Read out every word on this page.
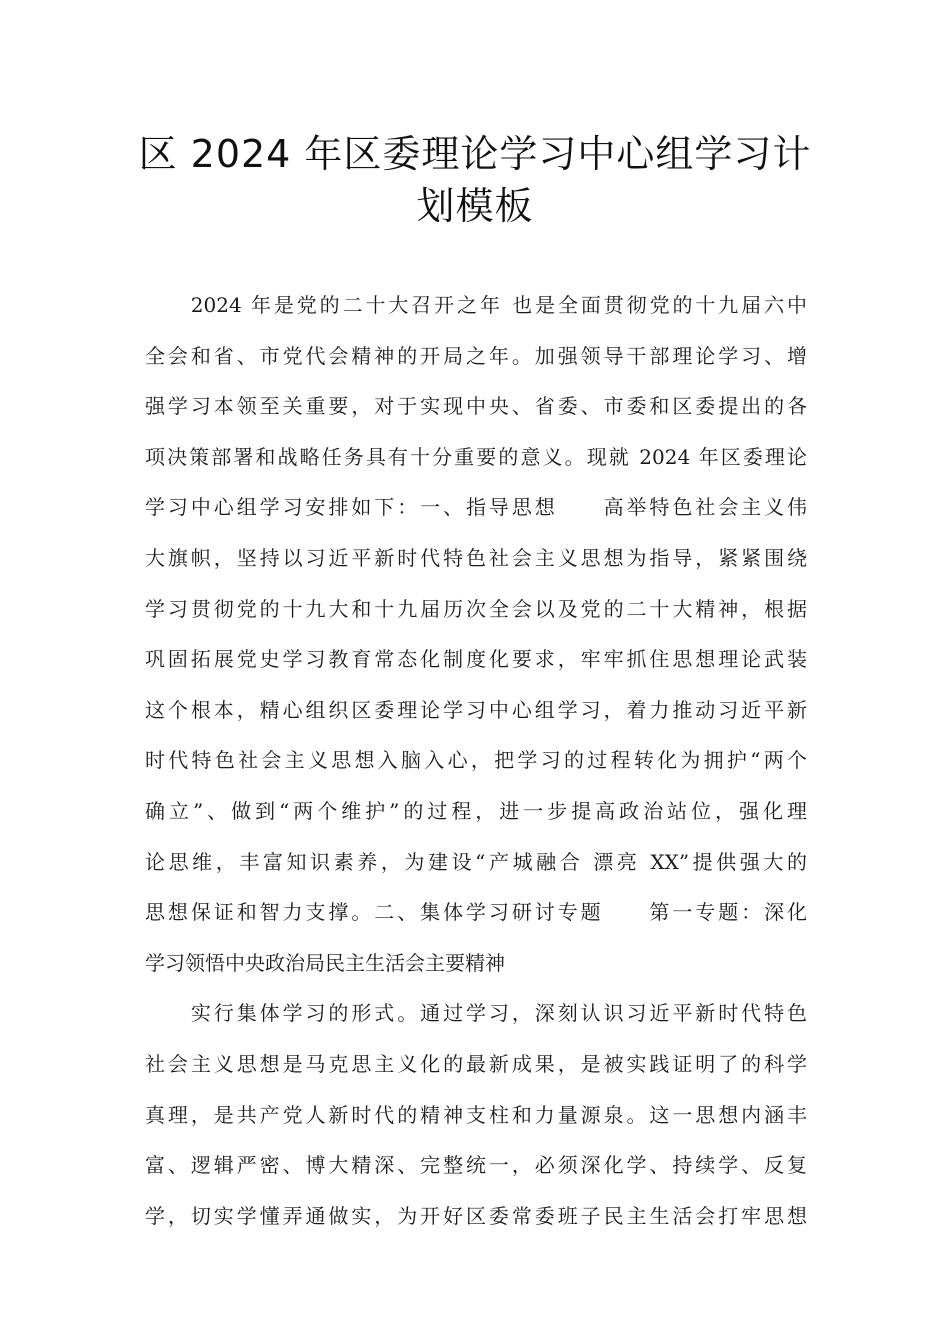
区 2024 年区委理论学习中心组学习计
划模板
　　2024 年是党的二十大召开之年 也是全面贯彻党的十九届六中
全会和省、市党代会精神的开局之年。加强领导干部理论学习、增
强学习本领至关重要，对于实现中央、省委、市委和区委提出的各
项决策部署和战略任务具有十分重要的意义。现就 2024 年区委理论
学习中心组学习安排如下：一、指导思想　　高举特色社会主义伟
大旗帜，坚持以习近平新时代特色社会主义思想为指导，紧紧围绕
学习贯彻党的十九大和十九届历次全会以及党的二十大精神，根据
巩固拓展党史学习教育常态化制度化要求，牢牢抓住思想理论武装
这个根本，精心组织区委理论学习中心组学习，着力推动习近平新
时代特色社会主义思想入脑入心，把学习的过程转化为拥护“两个
确立”、做到“两个维护”的过程，进一步提高政治站位，强化理
论思维，丰富知识素养，为建设“产城融合 漂亮 XX”提供强大的
思想保证和智力支撑。二、集体学习研讨专题　　第一专题：深化
学习领悟中央政治局民主生活会主要精神
　　实行集体学习的形式。通过学习，深刻认识习近平新时代特色
社会主义思想是马克思主义化的最新成果，是被实践证明了的科学
真理，是共产党人新时代的精神支柱和力量源泉。这一思想内涵丰
富、逻辑严密、博大精深、完整统一，必须深化学、持续学、反复
学，切实学懂弄通做实，为开好区委常委班子民主生活会打牢思想
